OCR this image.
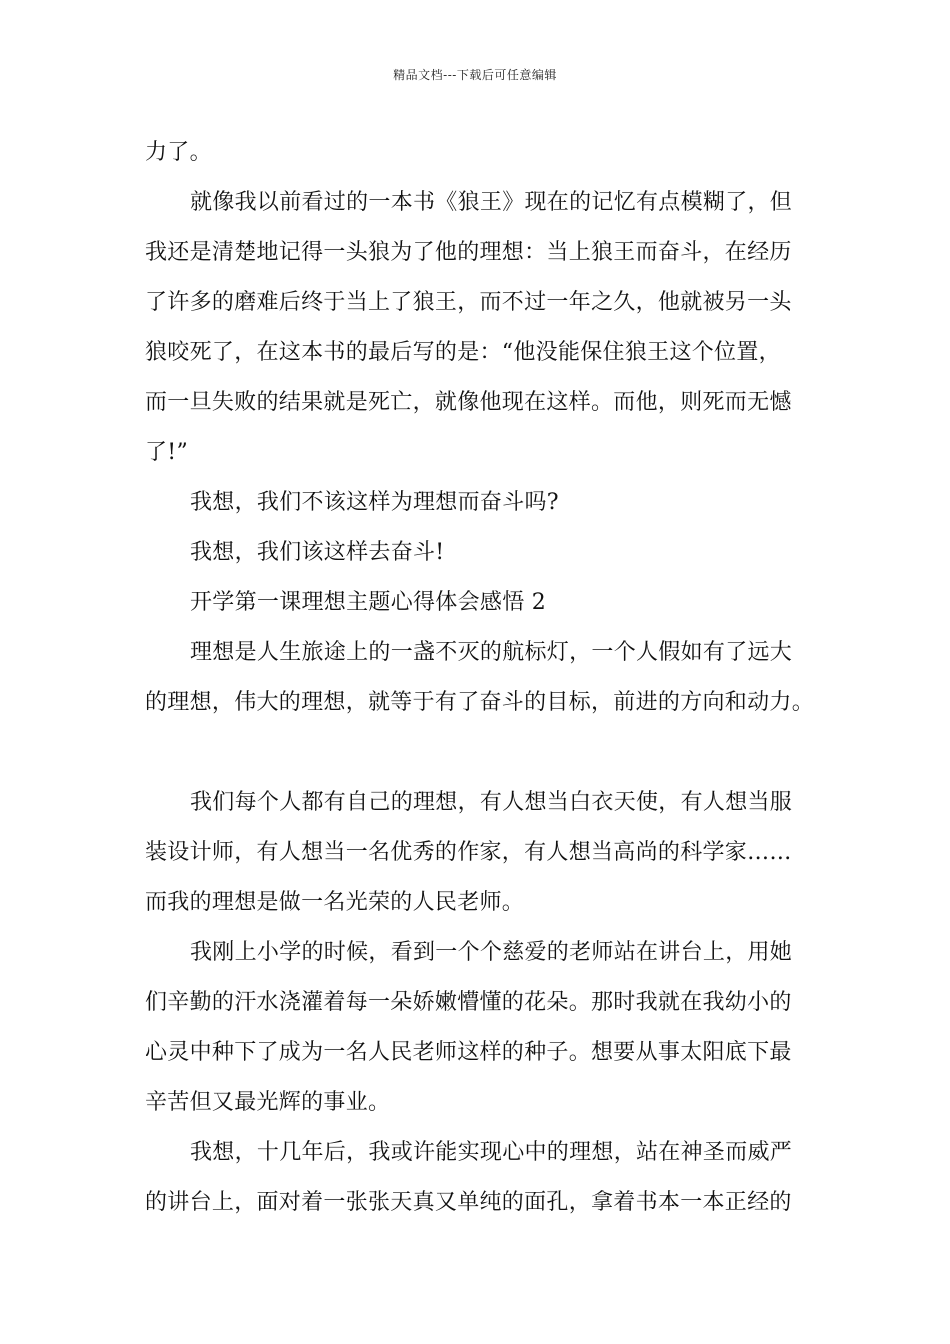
精品文档---下载后可任意编辑
力了。
就像我以前看过的一本书《狼王》现在的记忆有点模糊了，但
我还是清楚地记得一头狼为了他的理想：当上狼王而奋斗，在经历
了许多的磨难后终于当上了狼王，而不过一年之久，他就被另一头
狼咬死了，在这本书的最后写的是：“他没能保住狼王这个位置，
而一旦失败的结果就是死亡，就像他现在这样。而他，则死而无憾
了!”
我想，我们不该这样为理想而奋斗吗?
我想，我们该这样去奋斗!
开学第一课理想主题心得体会感悟 2
理想是人生旅途上的一盏不灭的航标灯，一个人假如有了远大
的理想，伟大的理想，就等于有了奋斗的目标，前进的方向和动力。
我们每个人都有自己的理想，有人想当白衣天使，有人想当服
装设计师，有人想当一名优秀的作家，有人想当高尚的科学家……
而我的理想是做一名光荣的人民老师。
我刚上小学的时候，看到一个个慈爱的老师站在讲台上，用她
们辛勤的汗水浇灌着每一朵娇嫩懵懂的花朵。那时我就在我幼小的
心灵中种下了成为一名人民老师这样的种子。想要从事太阳底下最
辛苦但又最光辉的事业。
我想，十几年后，我或许能实现心中的理想，站在神圣而威严
的讲台上，面对着一张张天真又单纯的面孔，拿着书本一本正经的
